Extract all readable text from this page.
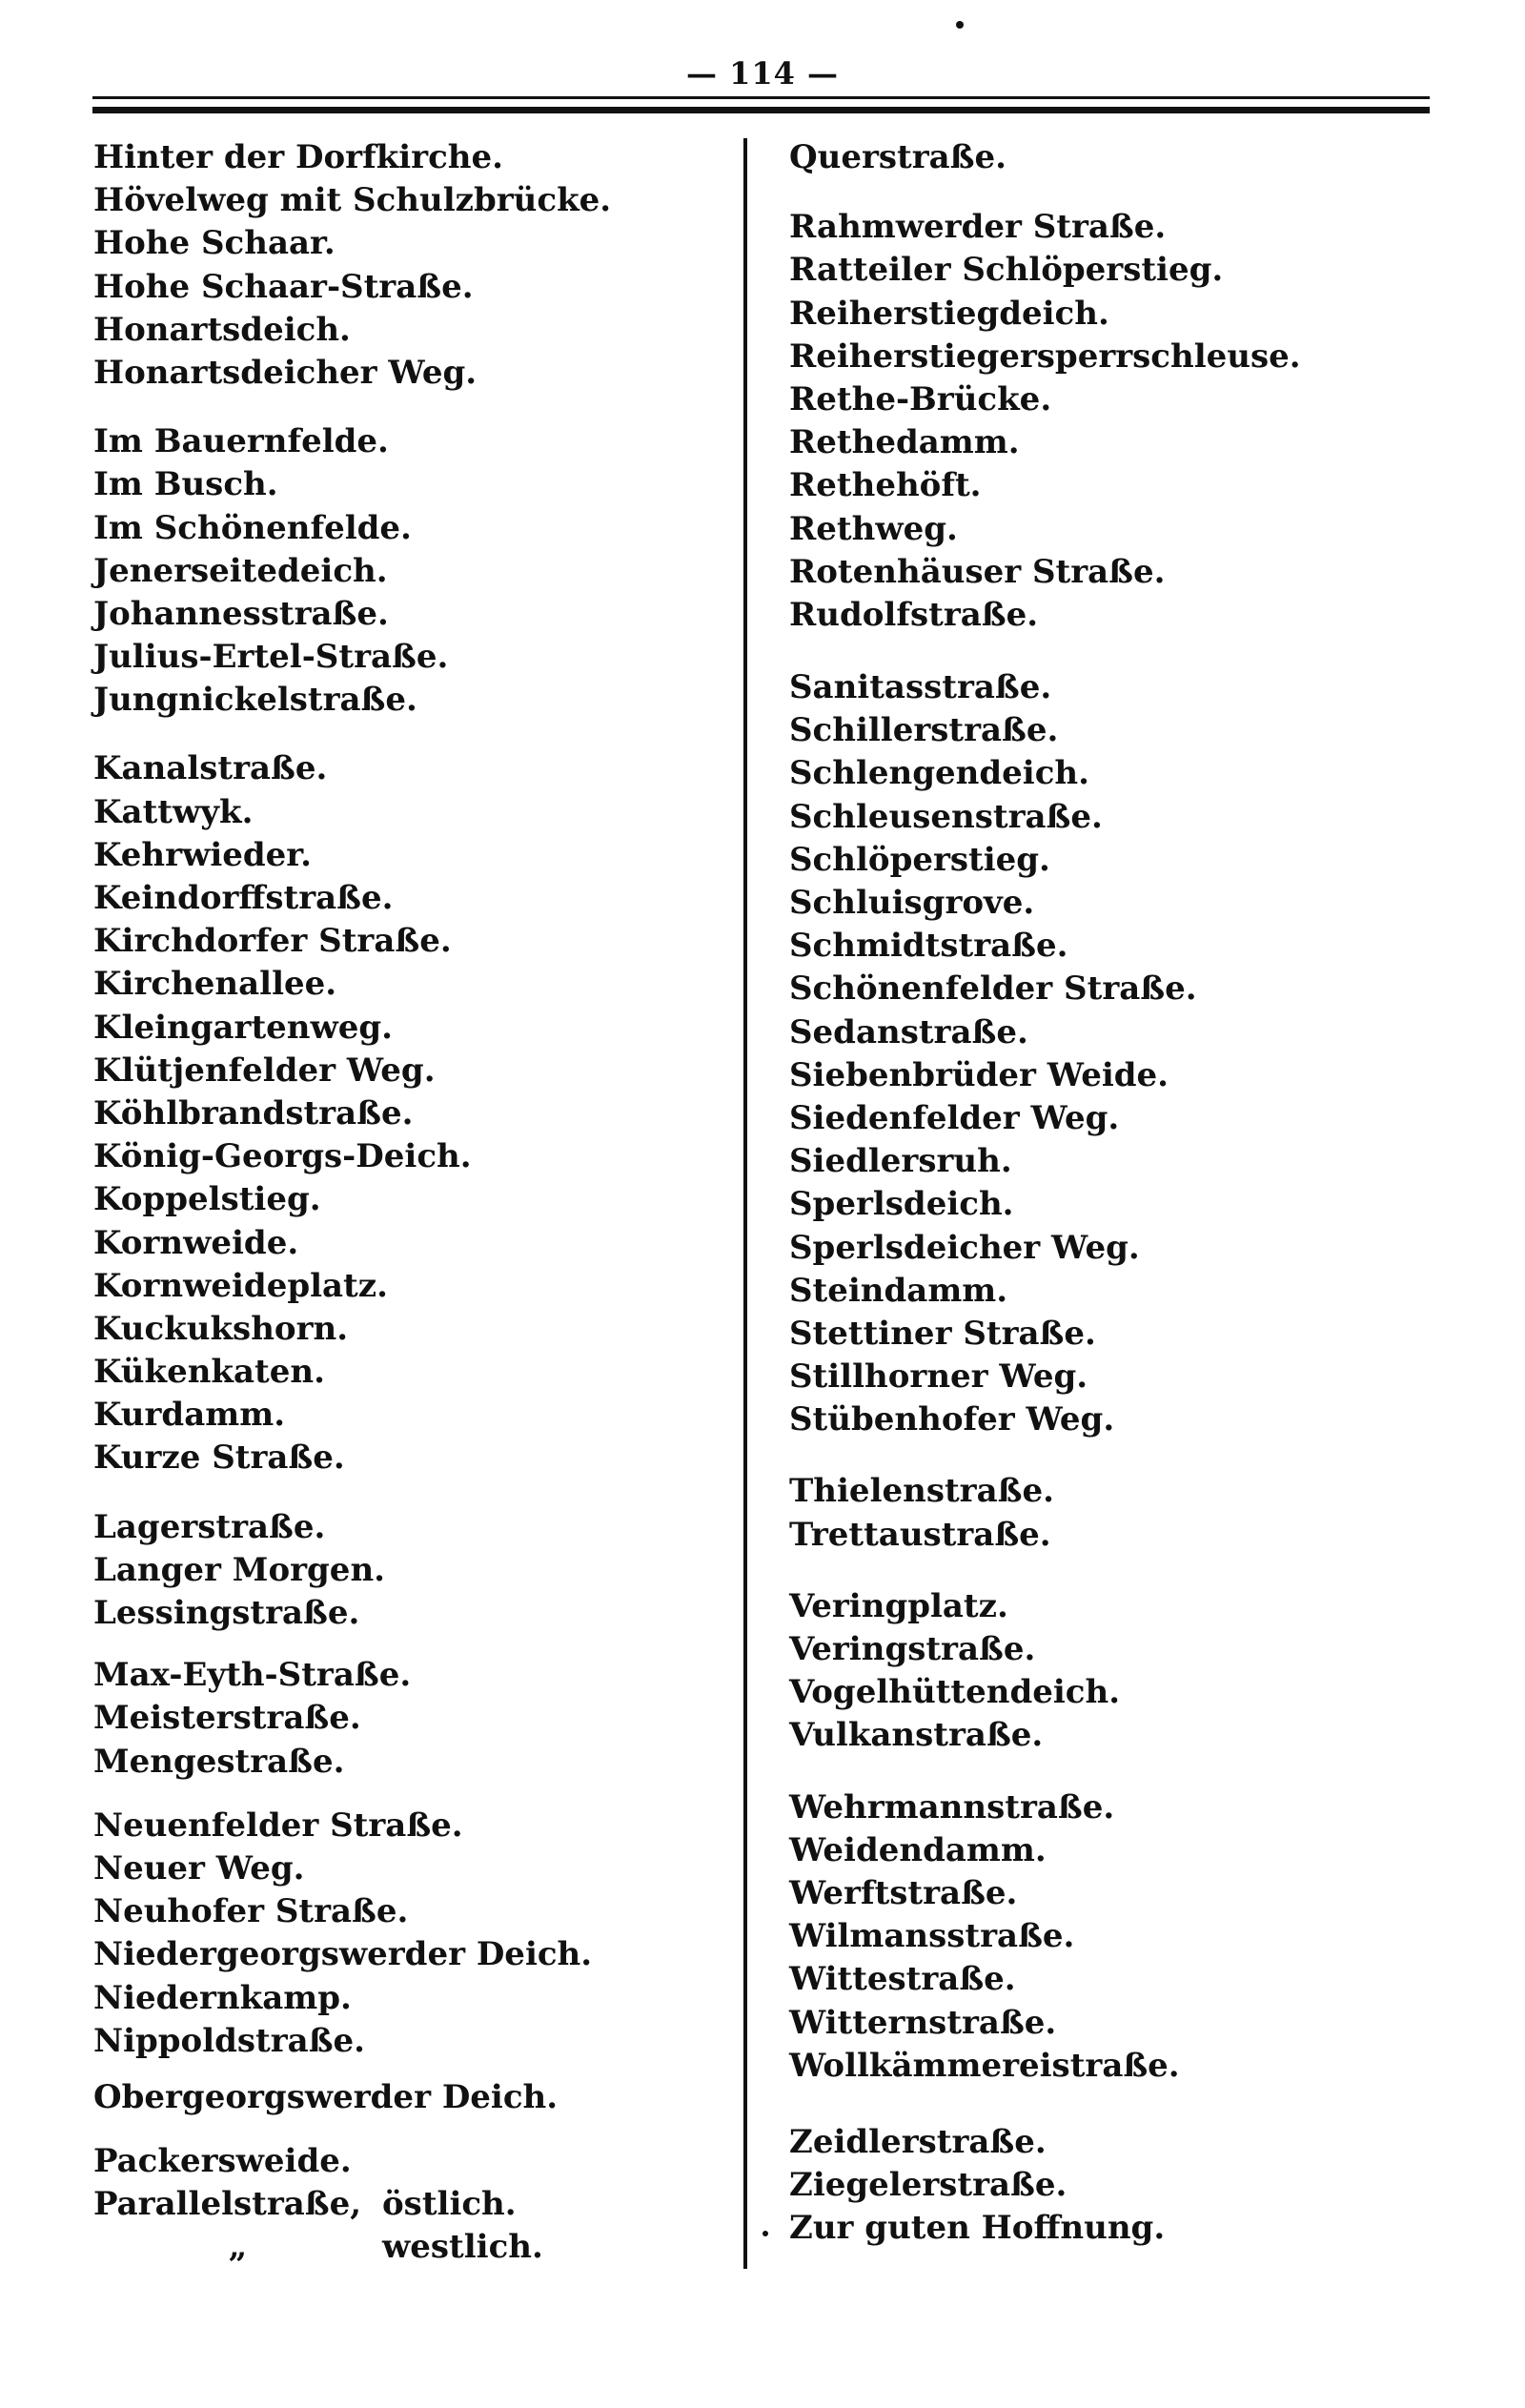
— 114 —
Hinter der Dorfkirche.
Hövelweg mit Schulzbrücke.
Hohe Schaar.
Hohe Schaar-Straße.
Honartsdeich.
Honartsdeicher Weg.
Im Bauernfelde.
Im Busch.
Im Schönenfelde.
Jenerseitedeich.
Johannesstraße.
Julius-Ertel-Straße.
Jungnickelstraße.
Kanalstraße.
Kattwyk.
Kehrwieder.
Keindorffstraße.
Kirchdorfer Straße.
Kirchenallee.
Kleingartenweg.
Klütjenfelder Weg.
Köhlbrandstraße.
König-Georgs-Deich.
Koppelstieg.
Kornweide.
Kornweideplatz.
Kuckukshorn.
Kükenkaten.
Kurdamm.
Kurze Straße.
Lagerstraße.
Langer Morgen.
Lessingstraße.
Max-Eyth-Straße.
Meisterstraße.
Mengestraße.
Neuenfelder Straße.
Neuer Weg.
Neuhofer Straße.
Niedergeorgswerder Deich.
Niedernkamp.
Nippoldstraße.
Obergeorgswerder Deich.
Packersweide.
Parallelstraße, östlich.
„	westlich.
Querstraße.
Rahmwerder Straße.
Ratteiler Schlöperstieg.
Reiherstiegdeich.
Reiherstiegersperrschleuse.
Rethe-Brücke.
Rethedamm.
Rethehöft.
Rethweg.
Rotenhäuser Straße.
Rudolfstraße.
Sanitasstraße.
Schillerstraße.
Schlengendeich.
Schleusenstraße.
Schlöperstieg.
Schluisgrove.
Schmidtstraße.
Schönenfelder Straße.
Sedanstraße.
Siebenbrüder Weide.
Siedenfelder Weg.
Siedlersruh.
Sperlsdeich.
Sperlsdeicher Weg.
Steindamm.
Stettiner Straße.
Stillhorner Weg.
Stübenhofer Weg.
Thielenstraße.
Trettaustraße.
Veringplatz.
Veringstraße.
Vogelhüttendeich.
Vulkanstraße.
Wehrmannstraße.
Weidendamm.
Werftstraße.
Wilmansstraße.
Wittestraße.
Witternstraße.
Wollkämmereistraße.
Zeidlerstraße.
Ziegelerstraße.
Zur guten Hoffnung.
